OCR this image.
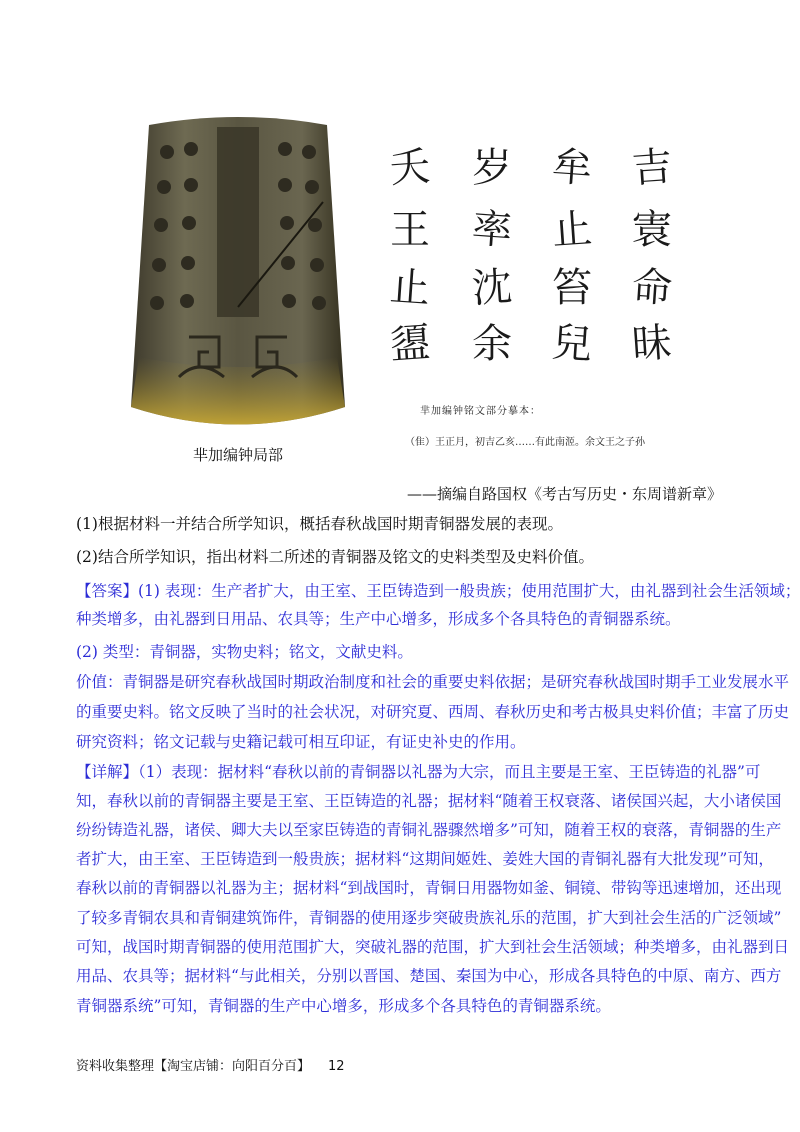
芈加编钟局部
夭 岁 牟 吉
王 率 止 㝨
止 沈 笞 命
盨 余 兒 昧
芈加编钟铭文部分摹本：
（隹）王正月，初吉乙亥……有此南洍。余文王之子孙
——摘编自路国权《考古写历史・东周谱新章》
(1)根据材料一并结合所学知识，概括春秋战国时期青铜器发展的表现。
(2)结合所学知识，指出材料二所述的青铜器及铭文的史料类型及史料价值。
【答案】(1) 表现：生产者扩大，由王室、王臣铸造到一般贵族；使用范围扩大，由礼器到社会生活领域；
种类增多，由礼器到日用品、农具等；生产中心增多，形成多个各具特色的青铜器系统。
(2) 类型：青铜器，实物史料；铭文，文献史料。
价值：青铜器是研究春秋战国时期政治制度和社会的重要史料依据；是研究春秋战国时期手工业发展水平
的重要史料。铭文反映了当时的社会状况，对研究夏、西周、春秋历史和考古极具史料价值；丰富了历史
研究资料；铭文记载与史籍记载可相互印证，有证史补史的作用。
【详解】（1）表现：据材料“春秋以前的青铜器以礼器为大宗，而且主要是王室、王臣铸造的礼器”可
知，春秋以前的青铜器主要是王室、王臣铸造的礼器；据材料“随着王权衰落、诸侯国兴起，大小诸侯国
纷纷铸造礼器，诸侯、卿大夫以至家臣铸造的青铜礼器骤然增多”可知，随着王权的衰落，青铜器的生产
者扩大，由王室、王臣铸造到一般贵族；据材料“这期间姬姓、姜姓大国的青铜礼器有大批发现”可知，
春秋以前的青铜器以礼器为主；据材料“到战国时，青铜日用器物如釜、铜镜、带钩等迅速增加，还出现
了较多青铜农具和青铜建筑饰件，青铜器的使用逐步突破贵族礼乐的范围，扩大到社会生活的广泛领域”
可知，战国时期青铜器的使用范围扩大，突破礼器的范围，扩大到社会生活领域；种类增多，由礼器到日
用品、农具等；据材料“与此相关，分别以晋国、楚国、秦国为中心，形成各具特色的中原、南方、西方
青铜器系统”可知，青铜器的生产中心增多，形成多个各具特色的青铜器系统。
资料收集整理【淘宝店铺：向阳百分百】 12
